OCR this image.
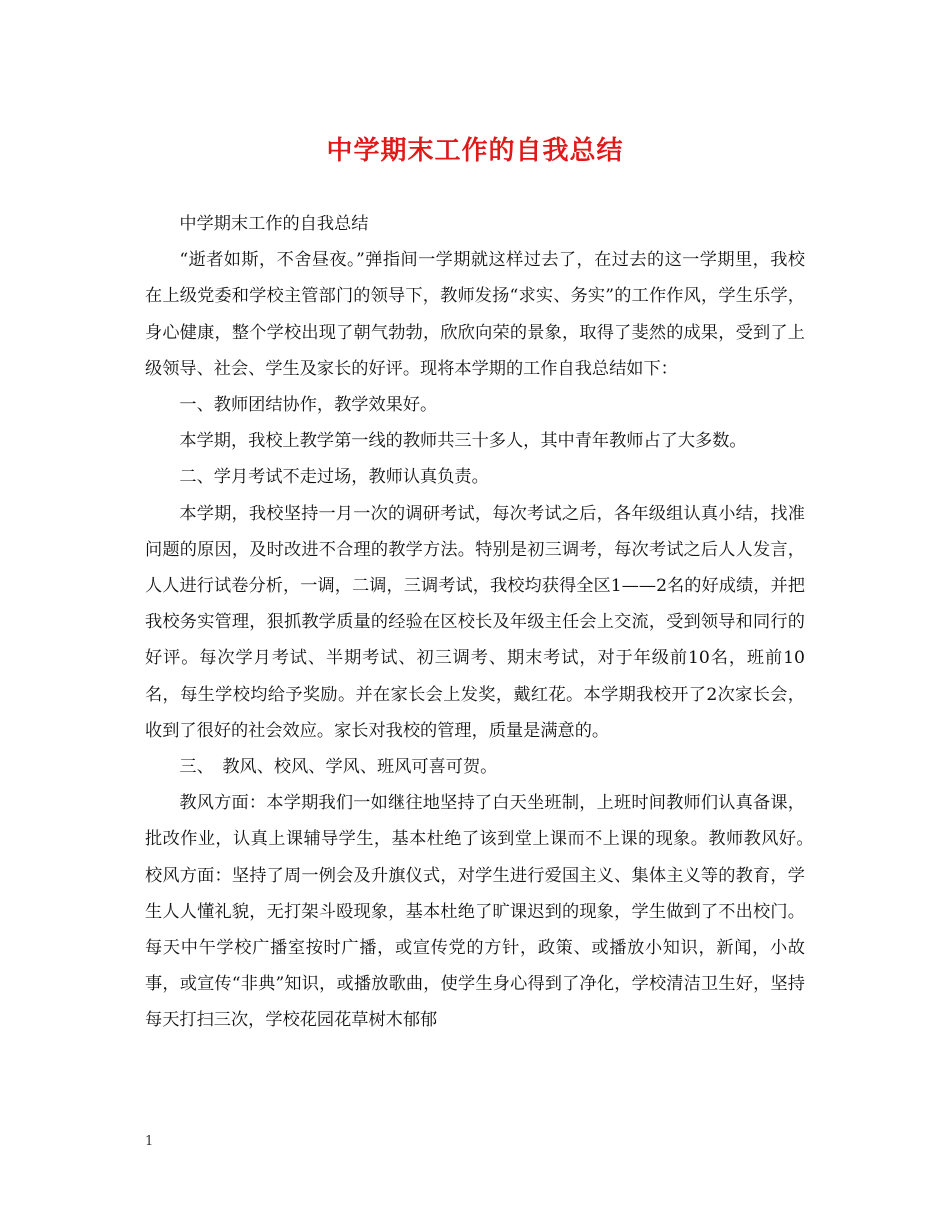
中学期末工作的自我总结

中学期末工作的自我总结

“逝者如斯，不舍昼夜。”弹指间一学期就这样过去了，在过去的这一学期里，我校在上级党委和学校主管部门的领导下，教师发扬“求实、务实”的工作作风，学生乐学，身心健康，整个学校出现了朝气勃勃，欣欣向荣的景象，取得了斐然的成果，受到了上级领导、社会、学生及家长的好评。现将本学期的工作自我总结如下：

一、教师团结协作，教学效果好。

本学期，我校上教学第一线的教师共三十多人，其中青年教师占了大多数。

二、学月考试不走过场，教师认真负责。

本学期，我校坚持一月一次的调研考试，每次考试之后，各年级组认真小结，找准问题的原因，及时改进不合理的教学方法。特别是初三调考，每次考试之后人人发言，人人进行试卷分析，一调，二调，三调考试，我校均获得全区1——2名的好成绩，并把我校务实管理，狠抓教学质量的经验在区校长及年级主任会上交流，受到领导和同行的好评。每次学月考试、半期考试、初三调考、期末考试，对于年级前10名，班前10名，每生学校均给予奖励。并在家长会上发奖，戴红花。本学期我校开了2次家长会，收到了很好的社会效应。家长对我校的管理，质量是满意的。

三、　教风、校风、学风、班风可喜可贺。

教风方面：本学期我们一如继往地坚持了白天坐班制，上班时间教师们认真备课，批改作业，认真上课辅导学生，基本杜绝了该到堂上课而不上课的现象。教师教风好。　校风方面：坚持了周一例会及升旗仪式，对学生进行爱国主义、集体主义等的教育，学生人人懂礼貌，无打架斗殴现象，基本杜绝了旷课迟到的现象，学生做到了不出校门。每天中午学校广播室按时广播，或宣传党的方针，政策、或播放小知识，新闻，小故事，或宣传“非典”知识，或播放歌曲，使学生身心得到了净化，学校清洁卫生好，坚持每天打扫三次，学校花园花草树木郁郁

1
